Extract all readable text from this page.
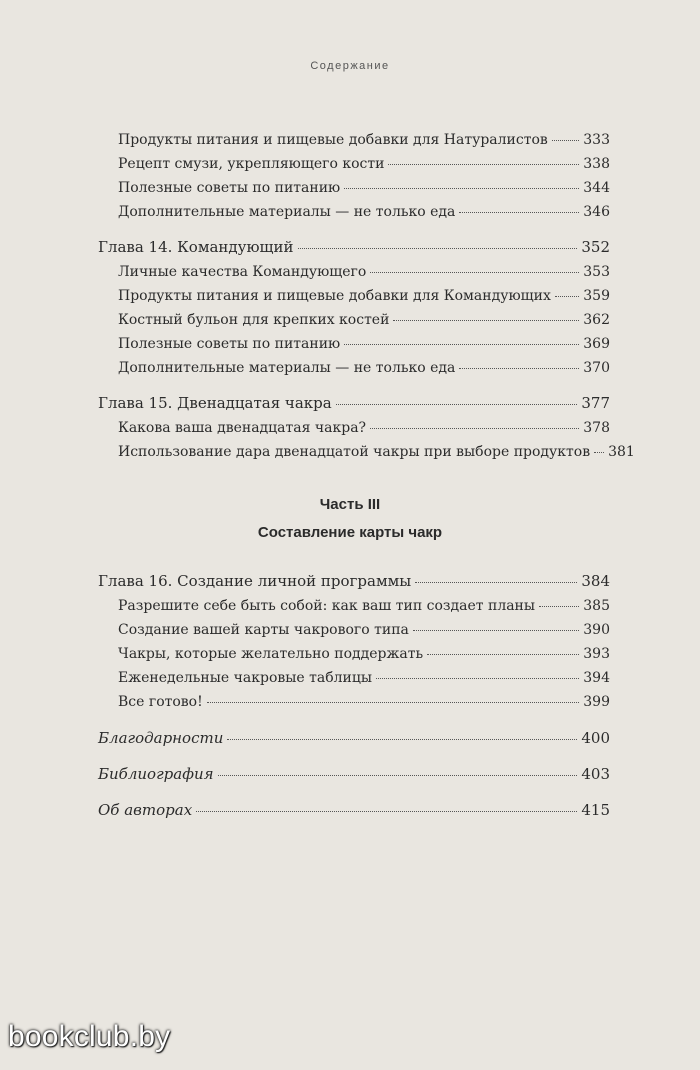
Содержание
Продукты питания и пищевые добавки для Натуралистов	333
Рецепт смузи, укрепляющего кости	338
Полезные советы по питанию	344
Дополнительные материалы — не только еда	346
Глава 14. Командующий	352
Личные качества Командующего	353
Продукты питания и пищевые добавки для Командующих 359
Костный бульон для крепких костей	362
Полезные советы по питанию	369
Дополнительные материалы — не только еда	370
Глава 15. Двенадцатая чакра	377
Какова ваша двенадцатая чакра?	378
Использование дара двенадцатой чакры при выборе продуктов 381
Часть III
Составление карты чакр
Глава 16. Создание личной программы	384
Разрешите себе быть собой: как ваш тип создает планы	385
Создание вашей карты чакрового типа	390
Чакры, которые желательно поддержать	393
Еженедельные чакровые таблицы	394
Все готово!	399
Благодарности	400
Библиография	403
Об авторах	415
bookclub.by
